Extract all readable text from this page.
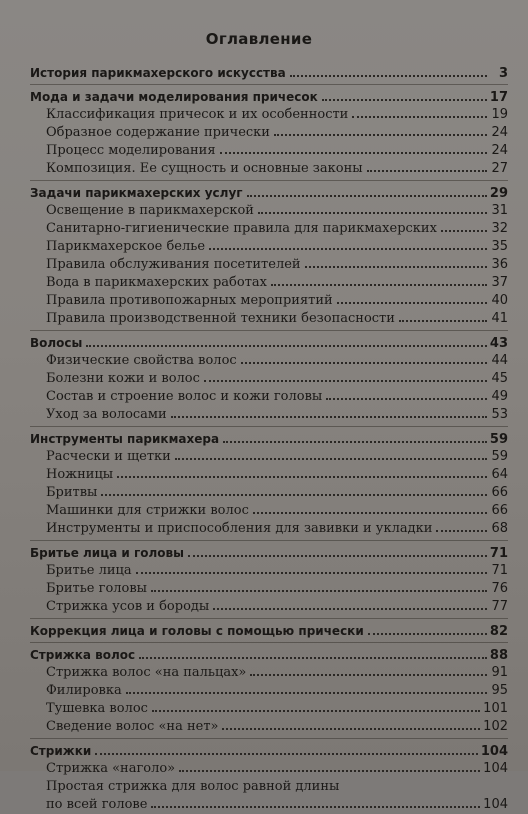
Оглавление
История парикмахерского искусства	3
Мода и задачи моделирования причесок	17
Классификация причесок и их особенности	19
Образное содержание прически	24
Процесс моделирования	24
Композиция. Ее сущность и основные законы	27
Задачи парикмахерских услуг	29
Освещение в парикмахерской	31
Санитарно-гигиенические правила для парикмахерских	32
Парикмахерское белье	35
Правила обслуживания посетителей	36
Вода в парикмахерских работах	37
Правила противопожарных мероприятий	40
Правила производственной техники безопасности	41
Волосы	43
Физические свойства волос	44
Болезни кожи и волос	45
Состав и строение волос и кожи головы	49
Уход за волосами	53
Инструменты парикмахера	59
Расчески и щетки	59
Ножницы	64
Бритвы	66
Машинки для стрижки волос	66
Инструменты и приспособления для завивки и укладки	68
Бритье лица и головы	71
Бритье лица	71
Бритье головы	76
Стрижка усов и бороды	77
Коррекция лица и головы с помощью прически	82
Стрижка волос	88
Стрижка волос «на пальцах»	91
Филировка	95
Тушевка волос	101
Сведение волос «на нет»	102
Стрижки	104
Стрижка «наголо»	104
Простая стрижка для волос равной длины
по всей голове	104
